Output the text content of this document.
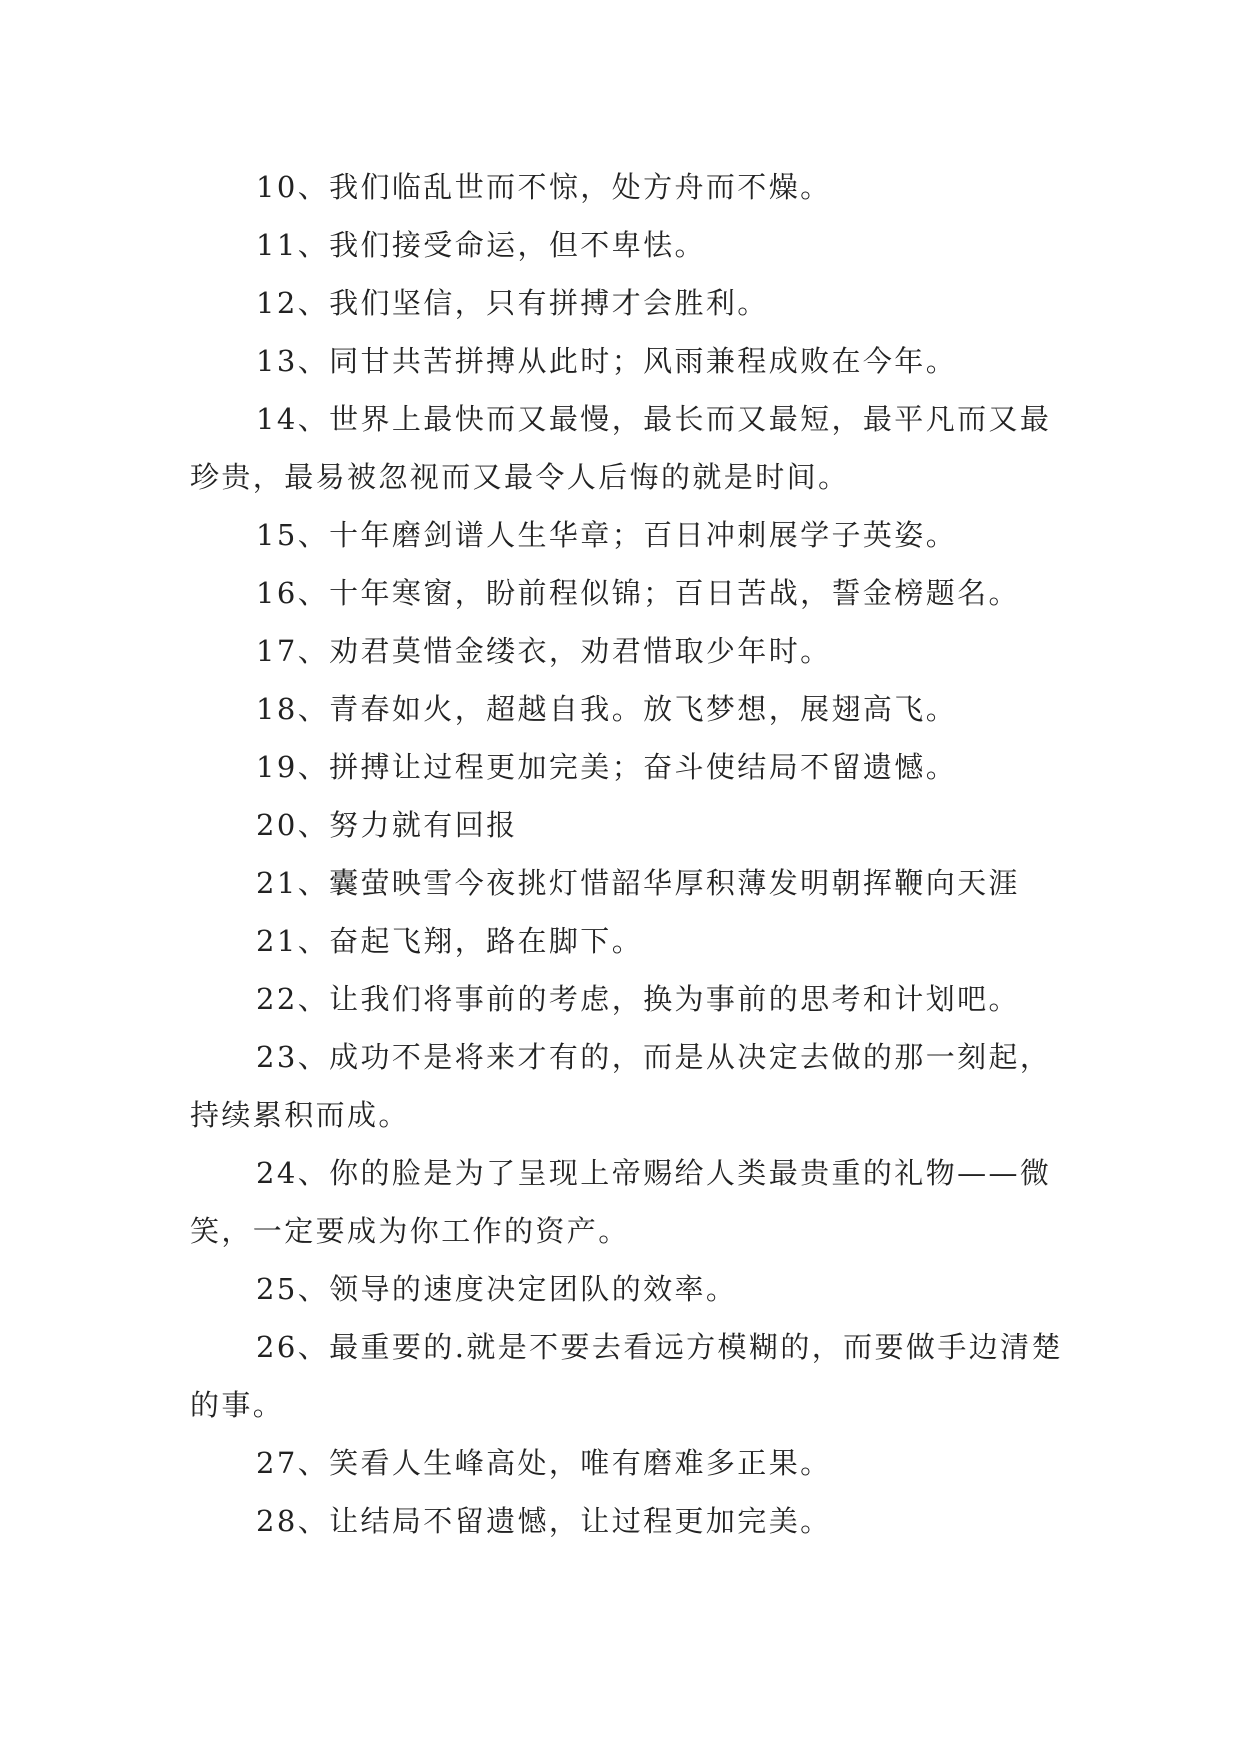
10、我们临乱世而不惊，处方舟而不燥。

11、我们接受命运，但不卑怯。

12、我们坚信，只有拼搏才会胜利。

13、同甘共苦拼搏从此时；风雨兼程成败在今年。

14、世界上最快而又最慢，最长而又最短，最平凡而又最珍贵，最易被忽视而又最令人后悔的就是时间。

15、十年磨剑谱人生华章；百日冲刺展学子英姿。

16、十年寒窗，盼前程似锦；百日苦战，誓金榜题名。

17、劝君莫惜金缕衣，劝君惜取少年时。

18、青春如火，超越自我。放飞梦想，展翅高飞。

19、拼搏让过程更加完美；奋斗使结局不留遗憾。

20、努力就有回报

21、囊萤映雪今夜挑灯惜韶华厚积薄发明朝挥鞭向天涯

21、奋起飞翔，路在脚下。

22、让我们将事前的考虑，换为事前的思考和计划吧。

23、成功不是将来才有的，而是从决定去做的那一刻起，持续累积而成。

24、你的脸是为了呈现上帝赐给人类最贵重的礼物——微笑，一定要成为你工作的资产。

25、领导的速度决定团队的效率。

26、最重要的.就是不要去看远方模糊的，而要做手边清楚的事。

27、笑看人生峰高处，唯有磨难多正果。

28、让结局不留遗憾，让过程更加完美。
